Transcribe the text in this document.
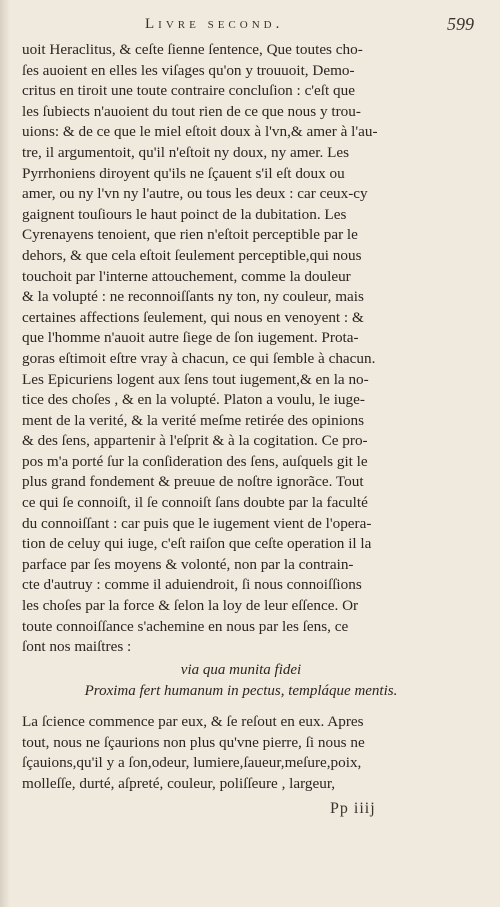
Livre second.	599
uoit Heraclitus, & ceſte ſienne ſentence, Que toutes cho-
ſes auoient en elles les viſages qu'on y trouuoit, Demo-
critus en tiroit une toute contraire concluſion : c'eſt que
les ſubiects n'auoient du tout rien de ce que nous y trou-
uions: & de ce que le miel eſtoit doux à l'vn,& amer à l'au-
tre, il argumentoit, qu'il n'eſtoit ny doux, ny amer. Les
Pyrrhoniens diroyent qu'ils ne ſçauent s'il eſt doux ou
amer, ou ny l'vn ny l'autre, ou tous les deux : car ceux-cy
gaignent touſiours le haut poinct de la dubitation. Les
Cyrenayens tenoient, que rien n'eſtoit perceptible par le
dehors, & que cela eſtoit ſeulement perceptible,qui nous
touchoit par l'interne attouchement, comme la douleur
& la volupté : ne reconnoiſſants ny ton, ny couleur, mais
certaines affections ſeulement, qui nous en venoyent : &
que l'homme n'auoit autre ſiege de ſon iugement. Prota-
goras eſtimoit eſtre vray à chacun, ce qui ſemble à chacun.
Les Epicuriens logent aux ſens tout iugement,& en la no-
tice des choſes , & en la volupté. Platon a voulu, le iuge-
ment de la verité, & la verité meſme retirée des opinions
& des ſens, appartenir à l'eſprit & à la cogitation. Ce pro-
pos m'a porté ſur la conſideration des ſens, auſquels git le
plus grand fondement & preuue de noſtre ignorãce. Tout
ce qui ſe connoiſt, il ſe connoiſt ſans doubte par la faculté
du connoiſſant : car puis que le iugement vient de l'opera-
tion de celuy qui iuge, c'eſt raiſon que ceſte operation il la
parface par ſes moyens & volonté, non par la contrain-
cte d'autruy : comme il aduiendroit, ſi nous connoiſſions
les choſes par la force & ſelon la loy de leur eſſence. Or
toute connoiſſance s'achemine en nous par les ſens, ce
ſont nos maiſtres :
via qua munita fidei
Proxima fert humanum in pectus, templáque mentis.
La ſcience commence par eux, & ſe reſout en eux. Apres
tout, nous ne ſçaurions non plus qu'vne pierre, ſi nous ne
ſçauions,qu'il y a ſon,odeur, lumiere,ſaueur,meſure,poix,
molleſſe, durté, aſpreté, couleur, poliſſeure , largeur,
Pp iiij
